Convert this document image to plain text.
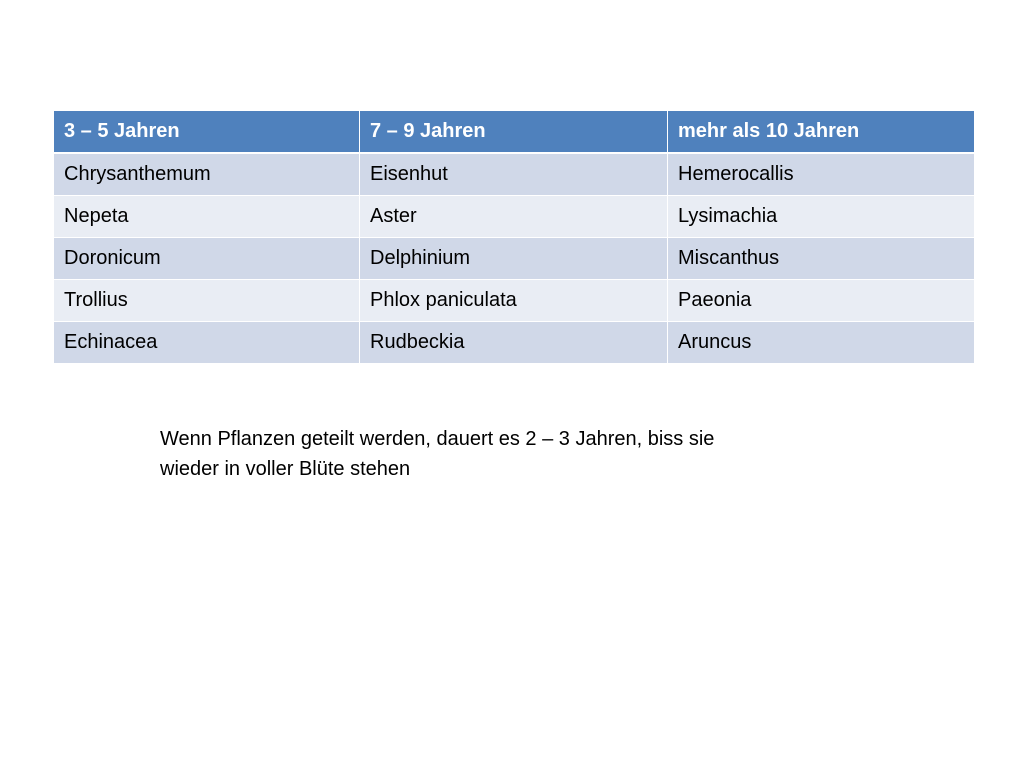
3 – 5 Jahren	7 – 9 Jahren	mehr als 10 Jahren
Chrysanthemum	Eisenhut	Hemerocallis
Nepeta	Aster	Lysimachia
Doronicum	Delphinium	Miscanthus
Trollius	Phlox paniculata	Paeonia
Echinacea	Rudbeckia	Aruncus
Wenn Pflanzen geteilt werden, dauert es 2 – 3 Jahren, biss sie
wieder in voller Blüte stehen
